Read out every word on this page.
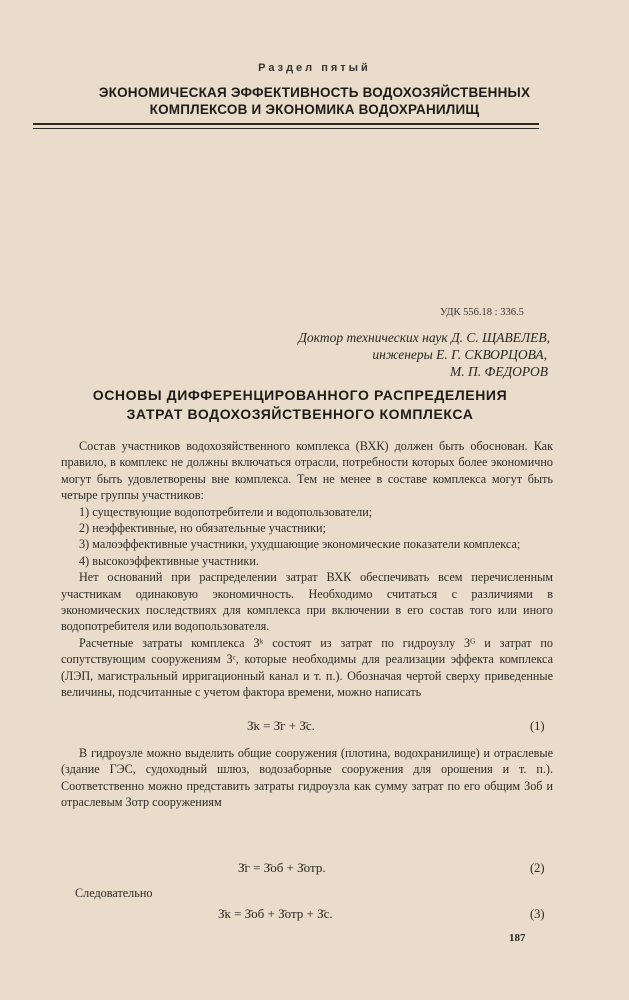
Раздел пятый
ЭКОНОМИЧЕСКАЯ ЭФФЕКТИВНОСТЬ ВОДОХОЗЯЙСТВЕННЫХ
КОМПЛЕКСОВ И ЭКОНОМИКА ВОДОХРАНИЛИЩ
УДК 556.18 : 336.5
Доктор технических наук Д. С. ЩАВЕЛЕВ,
инженеры Е. Г. СКВОРЦОВА,
М. П. ФЕДОРОВ
ОСНОВЫ ДИФФЕРЕНЦИРОВАННОГО РАСПРЕДЕЛЕНИЯ
ЗАТРАТ ВОДОХОЗЯЙСТВЕННОГО КОМПЛЕКСА

Состав участников водохозяйственного комплекса (ВХК) должен быть обоснован. Как правило, в комплекс не должны включаться отрасли, потребности которых более экономично могут быть удовлетворены вне комплекса. Тем не менее в составе комплекса могут быть четыре группы участников:

1) существующие водопотребители и водопользователи;

2) неэффективные, но обязательные участники;

3) малоэффективные участники, ухудшающие экономические показатели комплекса;

4) высокоэффективные участники.

Нет оснований при распределении затрат ВХК обеспечивать всем перечисленным участникам одинаковую экономичность. Необходимо считаться с различиями в экономических последствиях для комплекса при включении в его состав того или иного водопотребителя или водопользователя.

Расчетные затраты комплекса Зᵏ состоят из затрат по гидроузлу Зᴳ и затрат по сопутствующим сооружениям Зᶜ, которые необходимы для реализации эффекта комплекса (ЛЭП, магистральный ирригационный канал и т. п.). Обозначая чертой сверху приведенные величины, подсчитанные с учетом фактора времени, можно написать

З̄к = З̄г + З̄с.	(1)

В гидроузле можно выделить общие сооружения (плотина, водохранилище) и отраслевые (здание ГЭС, судоходный шлюз, водозаборные сооружения для орошения и т. п.). Соответственно можно представить затраты гидроузла как сумму затрат по его общим Зоб и отраслевым Зотр сооружениям

З̄г = З̄об + З̄отр.	(2)

Следовательно

З̄к = З̄об + З̄отр + З̄с.	(3)
187
